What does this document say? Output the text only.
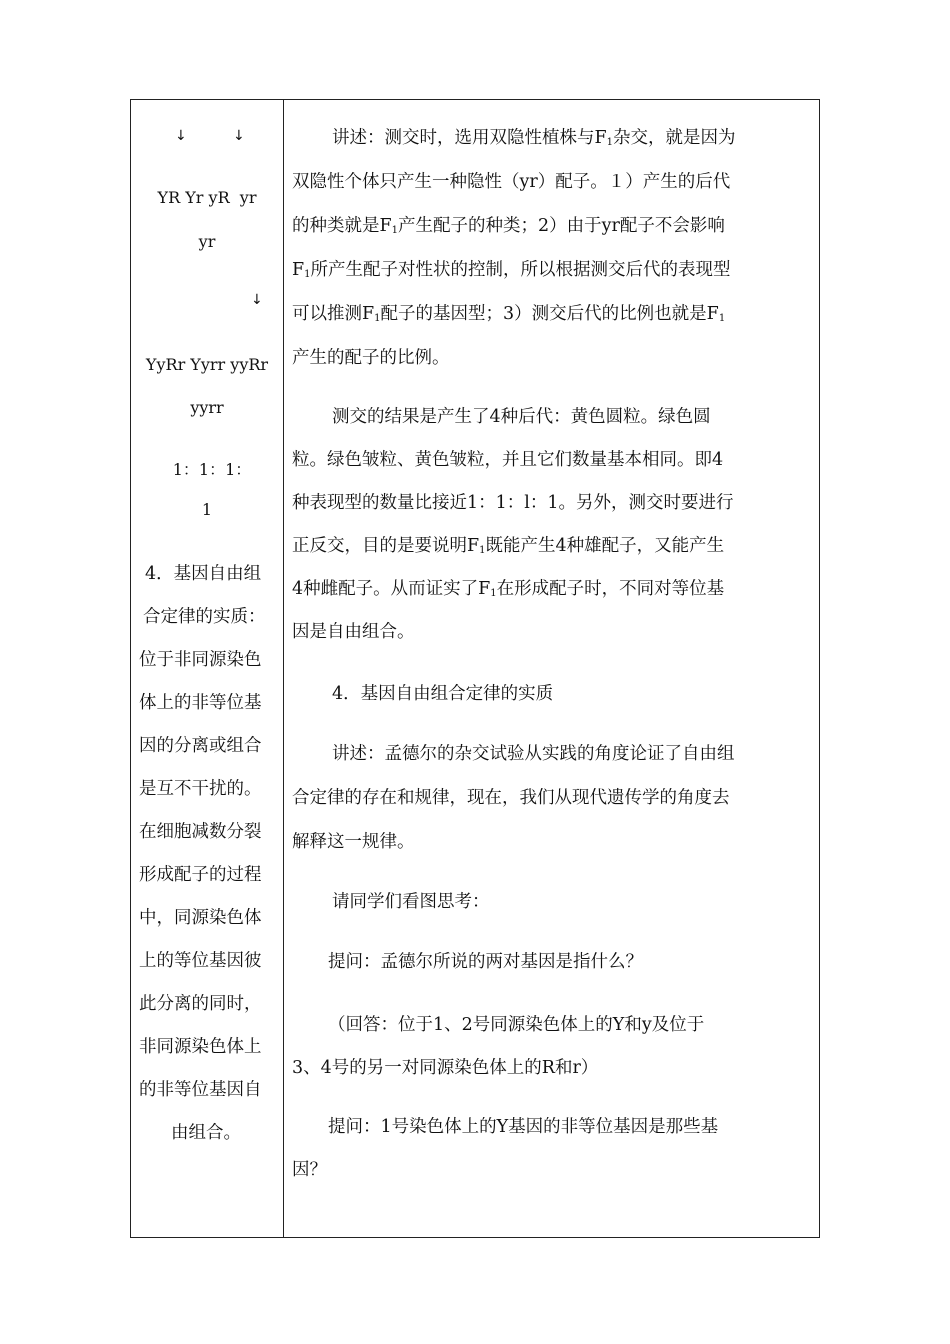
↓	↓
YR Yr yR  yr
yr
↓
YyRr Yyrr yyRr
yyrr
1：1：1：
1
4．基因自由组
合定律的实质：
位于非同源染色
体上的非等位基
因的分离或组合
是互不干扰的。
在细胞减数分裂
形成配子的过程
中，同源染色体
上的等位基因彼
此分离的同时，
非同源染色体上
的非等位基因自
由组合。
讲述：测交时，选用双隐性植株与$F_1$杂交，就是因为
双隐性个体只产生一种隐性（yr）配子。１）产生的后代
的种类就是$F_1$产生配子的种类；2）由于yr配子不会影响
$F_1$所产生配子对性状的控制，所以根据测交后代的表现型
可以推测$F_1$配子的基因型；3）测交后代的比例也就是$F_1$
产生的配子的比例。
测交的结果是产生了4种后代：黄色圆粒。绿色圆
粒。绿色皱粒、黄色皱粒，并且它们数量基本相同。即4
种表现型的数量比接近1：1：l：1。另外，测交时要进行
正反交，目的是要说明$F_1$既能产生4种雄配子，又能产生
4种雌配子。从而证实了$F_1$在形成配子时，不同对等位基
因是自由组合。
4．基因自由组合定律的实质
讲述：孟德尔的杂交试验从实践的角度论证了自由组
合定律的存在和规律，现在，我们从现代遗传学的角度去
解释这一规律。
请同学们看图思考：
提问：孟德尔所说的两对基因是指什么？
（回答：位于1、2号同源染色体上的Y和y及位于
3、4号的另一对同源染色体上的R和r）
提问：1号染色体上的Y基因的非等位基因是那些基
因？
